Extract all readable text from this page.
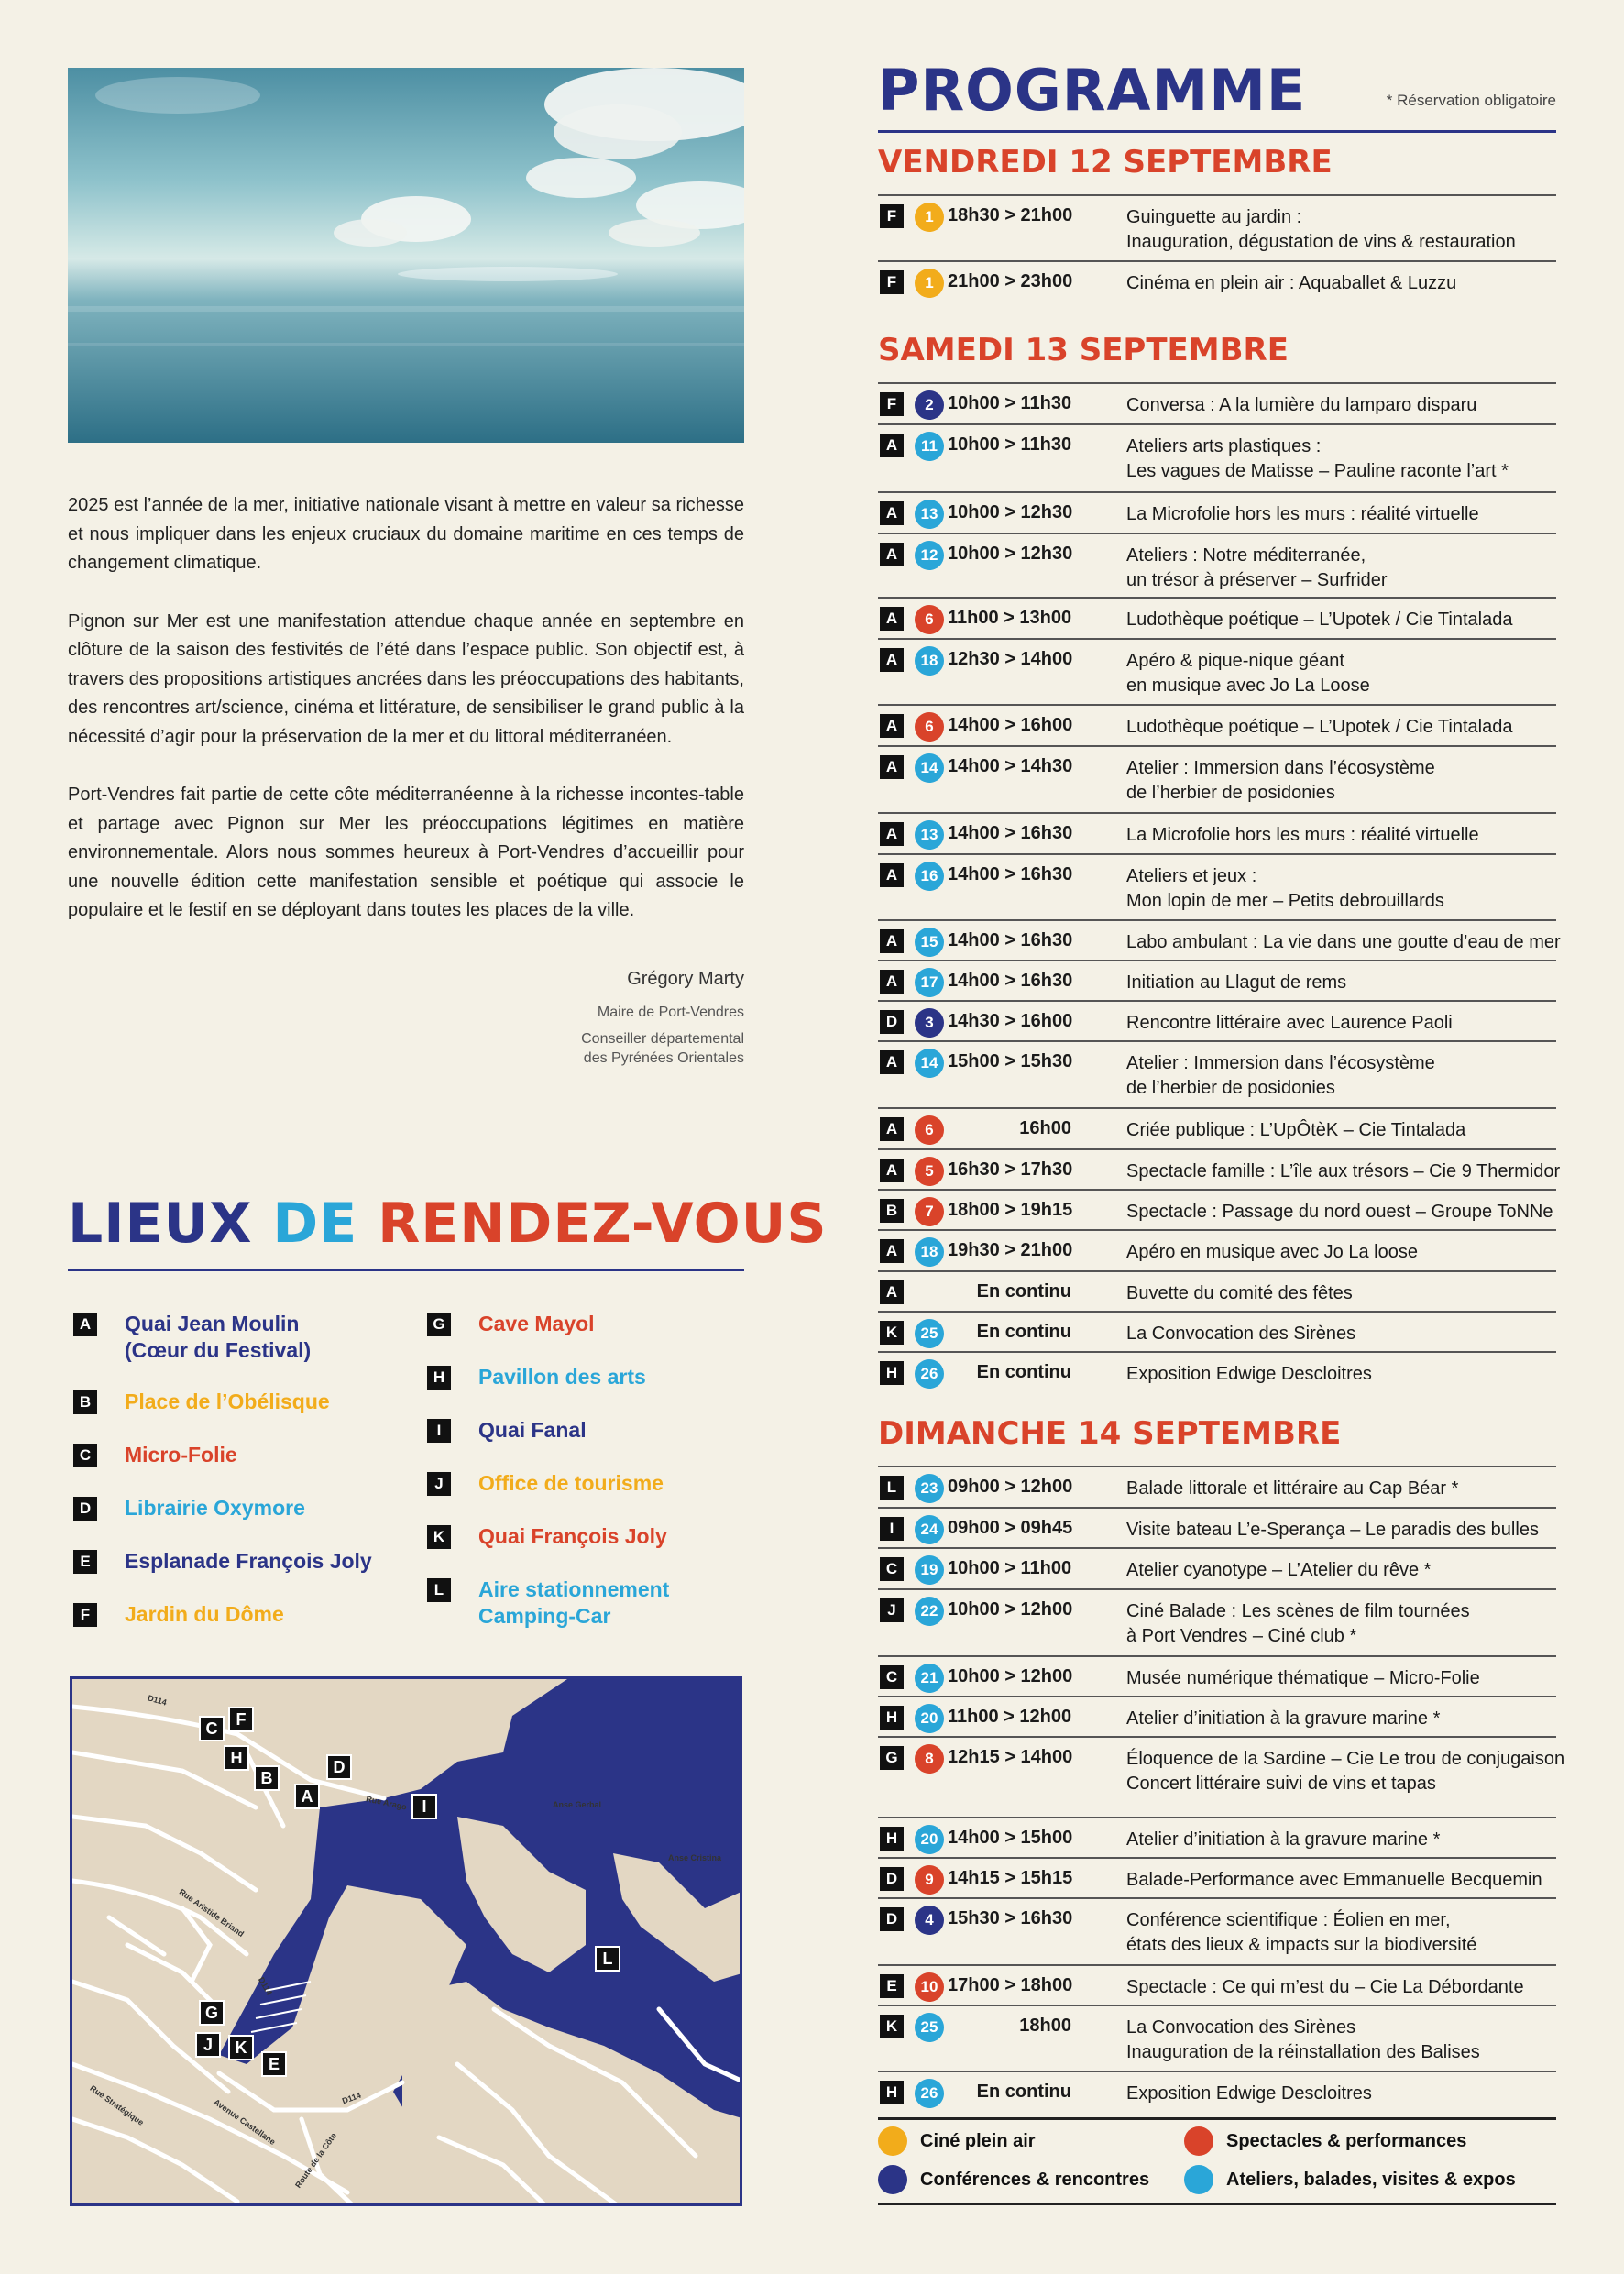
2025 est l’année de la mer, initiative nationale visant à mettre en valeur sa richesse et nous impliquer dans les enjeux cruciaux du domaine maritime en ces temps de changement climatique.

Pignon sur Mer est une manifestation attendue chaque année en septembre en clôture de la saison des festivités de l’été dans l’espace public. Son objectif est, à travers des propositions artistiques ancrées dans les préoccupations des habitants, des rencontres art/science, cinéma et littérature, de sensibiliser le grand public à la nécessité d’agir pour la préservation de la mer et du littoral méditerranéen.

Port-Vendres fait partie de cette côte méditerranéenne à la richesse incontes-table et partage avec Pignon sur Mer les préoccupations légitimes en matière environnementale. Alors nous sommes heureux à Port-Vendres d’accueillir pour une nouvelle édition cette manifestation sensible et poétique qui associe le populaire et le festif en se déployant dans toutes les places de la ville.

Grégory Marty
Maire de Port-Vendres
Conseiller départemental
des Pyrénées Orientales
LIEUX DE RENDEZ-VOUS
A Quai Jean Moulin
(Cœur du Festival)
B Place de l’Obélisque
C Micro-Folie
D Librairie Oxymore
E	Esplanade François Joly
F	Jardin du Dôme
G Cave Mayol
H Pavillon des arts
I	Quai Fanal
J	Office de tourisme
K Quai François Joly
L	Aire stationnement
Camping-Car
D114
Rue Arago	Anse Gerbal
Anse Cristina
Rue Aristide Briand
D114
Rue Stratégique	Avenue Castellane	D114
Route de la Côte
C	F
H
B
D
A
I
L
G
J	K
E
PROGRAMME	* Réservation obligatoire
VENDREDI 12 SEPTEMBRE
F	1 18h30 > 21h00	Guinguette au jardin :
Inauguration, dégustation de vins & restauration
F	1 21h00 > 23h00	Cinéma en plein air : Aquaballet & Luzzu
SAMEDI 13 SEPTEMBRE
F	2 10h00 > 11h30	Conversa : A la lumière du lamparo disparu
A	11 10h00 > 11h30	Ateliers arts plastiques :
Les vagues de Matisse – Pauline raconte l’art *
A	13 10h00 > 12h30	La Microfolie hors les murs : réalité virtuelle
A	12 10h00 > 12h30	Ateliers : Notre méditerranée,
un trésor à préserver – Surfrider
A	6 11h00 > 13h00	Ludothèque poétique – L’Upotek / Cie Tintalada
A	18 12h30 > 14h00	Apéro & pique-nique géant
en musique avec Jo La Loose
A	6 14h00 > 16h00	Ludothèque poétique – L’Upotek / Cie Tintalada
A	14 14h00 > 14h30	Atelier : Immersion dans l’écosystème
de l’herbier de posidonies
A	13 14h00 > 16h30	La Microfolie hors les murs : réalité virtuelle
A	16 14h00 > 16h30	Ateliers et jeux :
Mon lopin de mer – Petits debrouillards
A	15 14h00 > 16h30	Labo ambulant : La vie dans une goutte d’eau de mer
A	17 14h00 > 16h30	Initiation au Llagut de rems
D	3 14h30 > 16h00	Rencontre littéraire avec Laurence Paoli
A	14 15h00 > 15h30	Atelier : Immersion dans l’écosystème
de l’herbier de posidonies
A	6	16h00	Criée publique : L’UpÔtèK – Cie Tintalada
A	5 16h30 > 17h30	Spectacle famille : L’île aux trésors – Cie 9 Thermidor
B	7 18h00 > 19h15	Spectacle : Passage du nord ouest – Groupe ToNNe
A	18 19h30 > 21h00	Apéro en musique avec Jo La loose
A	En continu	Buvette du comité des fêtes
K	25	En continu	La Convocation des Sirènes
H	26	En continu	Exposition Edwige Descloitres
DIMANCHE 14 SEPTEMBRE
L	23 09h00 > 12h00	Balade littorale et littéraire au Cap Béar *
I	24 09h00 > 09h45	Visite bateau L’e-Sperança – Le paradis des bulles
C	19 10h00 > 11h00	Atelier cyanotype – L’Atelier du rêve *
J	22 10h00 > 12h00	Ciné Balade : Les scènes de film tournées
à Port Vendres – Ciné club *
C	21 10h00 > 12h00	Musée numérique thématique – Micro-Folie
H	20 11h00 > 12h00	Atelier d’initiation à la gravure marine *
G	8 12h15 > 14h00	Éloquence de la Sardine – Cie Le trou de conjugaison
Concert littéraire suivi de vins et tapas
H	20 14h00 > 15h00	Atelier d’initiation à la gravure marine *
D	9 14h15 > 15h15	Balade-Performance avec Emmanuelle Becquemin
D	4 15h30 > 16h30	Conférence scientifique : Éolien en mer,
états des lieux & impacts sur la biodiversité
E	10 17h00 > 18h00	Spectacle : Ce qui m’est du – Cie La Débordante
K	25	18h00	La Convocation des Sirènes
Inauguration de la réinstallation des Balises
H	26	En continu	Exposition Edwige Descloitres
Ciné plein air	Spectacles & performances
Conférences & rencontres	Ateliers, balades, visites & expos
